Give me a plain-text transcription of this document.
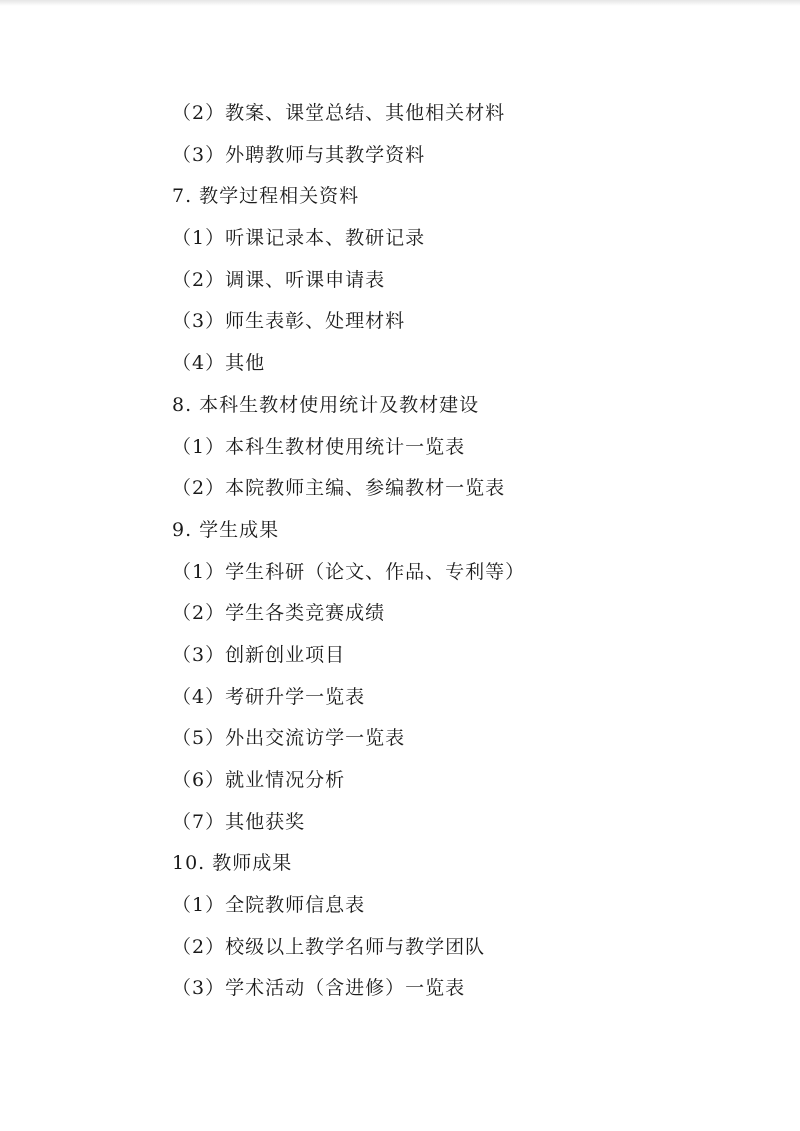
（2）教案、课堂总结、其他相关材料
（3）外聘教师与其教学资料
7. 教学过程相关资料
（1）听课记录本、教研记录
（2）调课、听课申请表
（3）师生表彰、处理材料
（4）其他
8. 本科生教材使用统计及教材建设
（1）本科生教材使用统计一览表
（2）本院教师主编、参编教材一览表
9. 学生成果
（1）学生科研（论文、作品、专利等）
（2）学生各类竞赛成绩
（3）创新创业项目
（4）考研升学一览表
（5）外出交流访学一览表
（6）就业情况分析
（7）其他获奖
10. 教师成果
（1）全院教师信息表
（2）校级以上教学名师与教学团队
（3）学术活动（含进修）一览表
